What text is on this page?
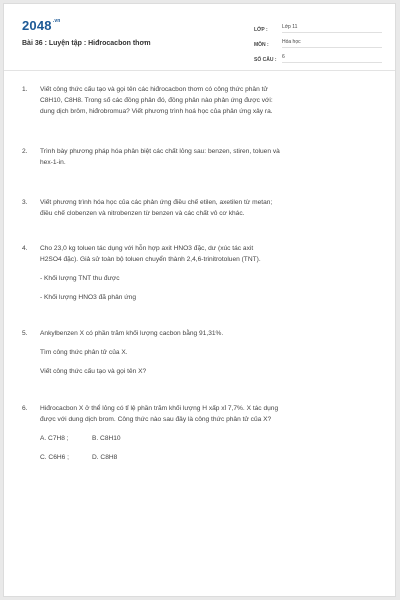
$2048^{.vn}$
Bài 36 : Luyện tập : Hiđrocacbon thơm
LỚP :	Lớp 11
MÔN :	Hóa học
SỐ CÂU :	6
1.	Viết công thức cấu tạo và gọi tên các hiđrocacbon thơm có công thức phân tử
C8H10, C8H8. Trong số các đồng phân đó, đồng phân nào phản ứng được với:
dung dịch brôm, hiđrobromua? Viết phương trình hoá học của phản ứng xảy ra.
2.	Trình bày phương pháp hóa phân biệt các chất lỏng sau: benzen, stiren, toluen và
hex-1-in.
3.	Viết phương trình hóa học của các phản ứng điều chế etilen, axetilen từ metan;
điều chế clobenzen và nitrobenzen từ benzen và các chất vô cơ khác.
4.	Cho 23,0 kg toluen tác dụng với hỗn hợp axit HNO3 đặc, dư (xúc tác axit
H2SO4 đặc). Giả sử toàn bộ toluen chuyển thành 2,4,6-trinitrotoluen (TNT).
- Khối lượng TNT thu được
- Khối lượng HNO3 đã phản ứng
5.	Ankylbenzen X có phần trăm khối lượng cacbon bằng 91,31%.
Tìm công thức phân tử của X.
Viết công thức cấu tạo và gọi tên X?
6.	Hiđrocacbon X ở thể lỏng có tỉ lệ phần trăm khối lượng H xấp xỉ 7,7%. X tác dụng
được với dung dịch brom. Công thức nào sau đây là công thức phân tử của X?
A. C7H8 ;	B. C8H10
C. C6H6 ;	D. C8H8
